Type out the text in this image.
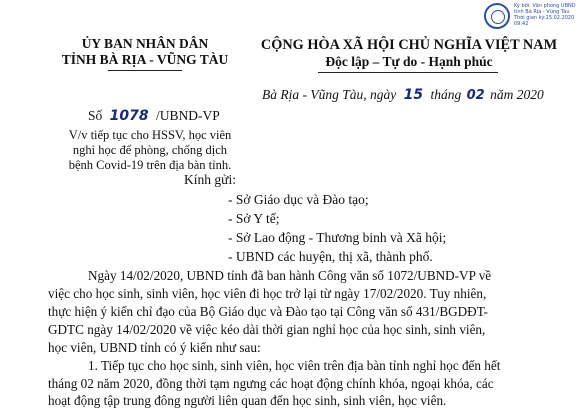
ỦY BAN NHÂN DÂN
TỈNH BÀ RỊA - VŨNG TÀU
Số 1078 /UBND-VP
V/v tiếp tục cho HSSV, học viên
nghỉ học để phòng, chống dịch
bệnh Covid-19 trên địa bàn tỉnh.
CỘNG HÒA XÃ HỘI CHỦ NGHĨA VIỆT NAM
Độc lập – Tự do - Hạnh phúc
Bà Rịa - Vũng Tàu, ngày 15 tháng 02 năm 2020
Ký bởi: Văn phòng UBND
tỉnh Bà Rịa - Vũng Tàu
Thời gian ký:15.02.2020
09:42
Kính gửi:
- Sở Giáo dục và Đào tạo;
- Sở Y tế;
- Sở Lao động - Thương binh và Xã hội;
- UBND các huyện, thị xã, thành phố.
Ngày 14/02/2020, UBND tỉnh đã ban hành Công văn số 1072/UBND-VP về
việc cho học sinh, sinh viên, học viên đi học trở lại từ ngày 17/02/2020. Tuy nhiên,
thực hiện ý kiến chỉ đạo của Bộ Giáo dục và Đào tạo tại Công văn số 431/BGDĐT-
GDTC ngày 14/02/2020 về việc kéo dài thời gian nghỉ học của học sinh, sinh viên,
học viên, UBND tỉnh có ý kiến như sau:
1. Tiếp tục cho học sinh, sinh viên, học viên trên địa bàn tỉnh nghỉ học đến hết
tháng 02 năm 2020, đồng thời tạm ngưng các hoạt động chính khóa, ngoại khóa, các
hoạt động tập trung đông người liên quan đến học sinh, sinh viên, học viên.
